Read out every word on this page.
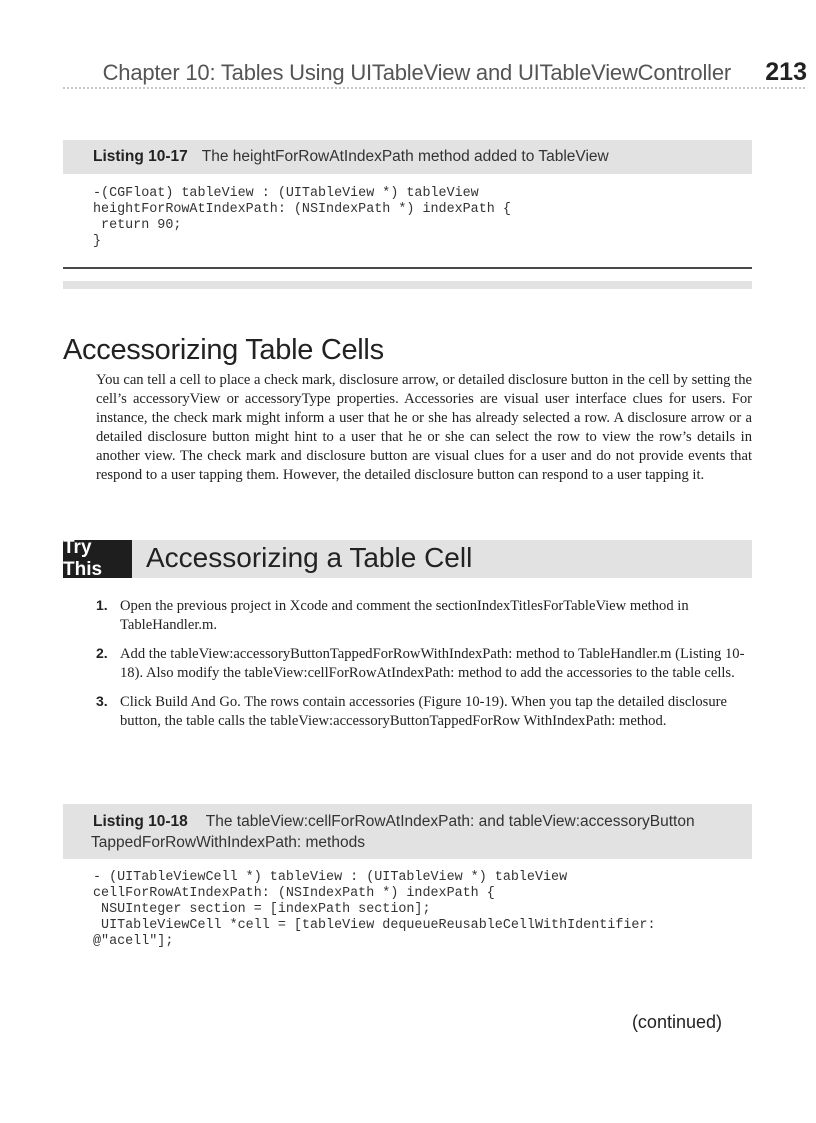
Chapter 10: Tables Using UITableView and UITableViewController 213
Listing 10-17 The heightForRowAtIndexPath method added to TableView
-(CGFloat) tableView : (UITableView *) tableView
heightForRowAtIndexPath: (NSIndexPath *) indexPath {
return 90;
}
Accessorizing Table Cells

You can tell a cell to place a check mark, disclosure arrow, or detailed disclosure button in the cell by setting the cell’s accessoryView or accessoryType properties. Accessories are visual user interface clues for users. For instance, the check mark might inform a user that he or she has already selected a row. A disclosure arrow or a detailed disclosure button might hint to a user that he or she can select the row to view the row’s details in another view. The check mark and disclosure button are visual clues for a user and do not provide events that respond to a user tapping them. However, the detailed disclosure button can respond to a user tapping it.

Try This	Accessorizing a Table Cell
1. Open the previous project in Xcode and comment the sectionIndexTitlesForTableView method in TableHandler.m.
2. Add the tableView:accessoryButtonTappedForRowWithIndexPath: method to TableHandler.m (Listing 10-18). Also modify the tableView:cellForRowAtIndexPath: method to add the accessories to the table cells.
3. Click Build And Go. The rows contain accessories (Figure 10-19). When you tap the detailed disclosure button, the table calls the tableView:accessoryButtonTappedForRow WithIndexPath: method.
Listing 10-18 The tableView:cellForRowAtIndexPath: and tableView:accessoryButton
TappedForRowWithIndexPath: methods
- (UITableViewCell *) tableView : (UITableView *) tableView
cellForRowAtIndexPath: (NSIndexPath *) indexPath {
NSUInteger section = [indexPath section];
UITableViewCell *cell = [tableView dequeueReusableCellWithIdentifier:
@"acell"];
(continued)
